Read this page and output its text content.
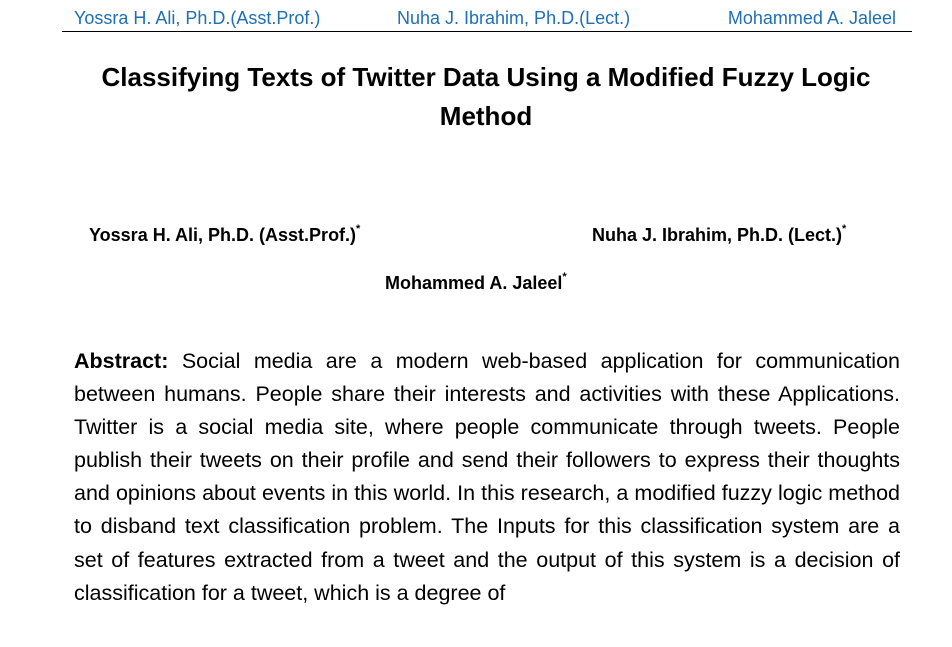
Yossra H. Ali, Ph.D.(Asst.Prof.)	Nuha J. Ibrahim, Ph.D.(Lect.)	Mohammed A. Jaleel
Classifying Texts of Twitter Data Using a Modified Fuzzy Logic Method
Yossra H. Ali, Ph.D. (Asst.Prof.)*	Nuha J. Ibrahim, Ph.D. (Lect.)*
Mohammed A. Jaleel*

Abstract: Social media are a modern web-based application for communication between humans. People share their interests and activities with these Applications. Twitter is a social media site, where people communicate through tweets. People publish their tweets on their profile and send their followers to express their thoughts and opinions about events in this world. In this research, a modified fuzzy logic method to disband text classification problem. The Inputs for this classification system are a set of features extracted from a tweet and the output of this system is a decision of classification for a tweet, which is a degree of
